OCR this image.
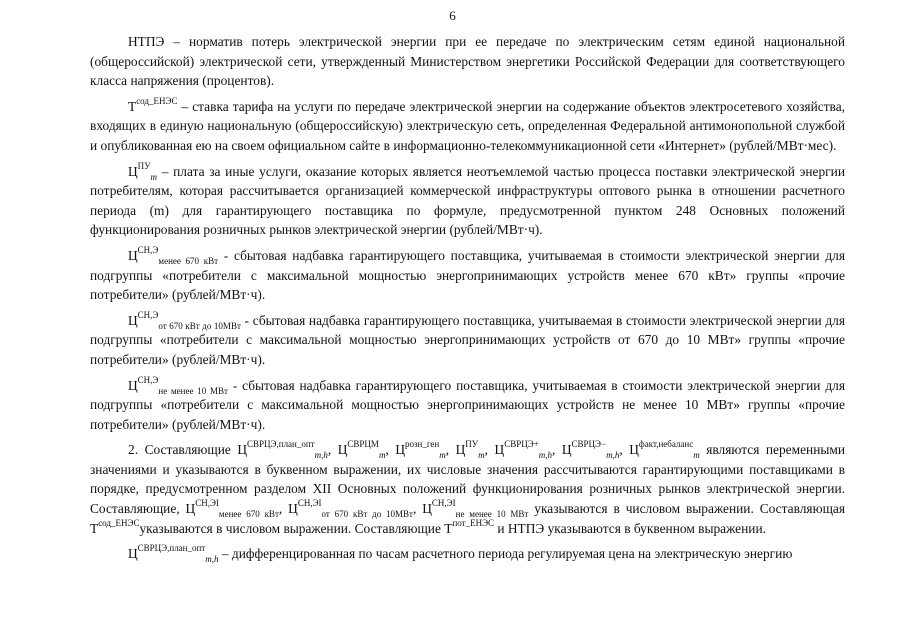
6

НТПЭ – норматив потерь электрической энергии при ее передаче по электрическим сетям единой национальной (общероссийской) электрической сети, утвержденный Министерством энергетики Российской Федерации для соответствующего класса напряжения (процентов).

$Т^{сод\_ЕНЭС}$ – ставка тарифа на услуги по передаче электрической энергии на содержание объектов электросетевого хозяйства, входящих в единую национальную (общероссийскую) электрическую сеть, определенная Федеральной антимонопольной службой и опубликованная ею на своем официальном сайте в информационно-телекоммуникационной сети «Интернет» (рублей/МВт·мес).

$Ц^{ПУ}_m$ – плата за иные услуги, оказание которых является неотъемлемой частью процесса поставки электрической энергии потребителям, которая рассчитывается организацией коммерческой инфраструктуры оптового рынка в отношении расчетного периода (m) для гарантирующего поставщика по формуле, предусмотренной пунктом 248 Основных положений функционирования розничных рынков электрической энергии (рублей/МВт·ч).

$Ц^{СН,Э}_{менее 670 кВт}$ - сбытовая надбавка гарантирующего поставщика, учитываемая в стоимости электрической энергии для подгруппы «потребители с максимальной мощностью энергопринимающих устройств менее 670 кВт» группы «прочие потребители» (рублей/МВт·ч).

$Ц^{СН,Э}_{от 670 кВт до 10МВт}$ - сбытовая надбавка гарантирующего поставщика, учитываемая в стоимости электрической энергии для подгруппы «потребители с максимальной мощностью энергопринимающих устройств от 670 до 10 МВт» группы «прочие потребители» (рублей/МВт·ч).

$Ц^{СН,Э}_{не менее 10 МВт}$ - сбытовая надбавка гарантирующего поставщика, учитываемая в стоимости электрической энергии для подгруппы «потребители с максимальной мощностью энергопринимающих устройств не менее 10 МВт» группы «прочие потребители» (рублей/МВт·ч).

2. Составляющие $Ц^{СВРЦЭ,план\_опт}_{m,h}$, $Ц^{СВРЦМ}_m$, $Ц^{розн\_ген}_m$, $Ц^{ПУ}_m$, $Ц^{СВРЦЭ+}_{m,h}$, $Ц^{СВРЦЭ-}_{m,h}$, $Ц^{факт,небаланс}_m$ являются переменными значениями и указываются в буквенном выражении, их числовые значения рассчитываются гарантирующими поставщиками в порядке, предусмотренном разделом XII Основных положений функционирования розничных рынков электрической энергии. Составляющие, $Ц^{СН,ЭI}_{менее 670 кВт}$, $Ц^{СН,ЭI}_{от 670 кВт до 10МВт}$, $Ц^{СН,ЭI}_{не менее 10 МВт}$ указываются в числовом выражении. Составляющая $Т^{сод\_ЕНЭС}указываются$ в числовом выражении. Составляющие $Т^{пот\_ЕНЭС}$ и НТПЭ указываются в буквенном выражении.

$Ц^{СВРЦЭ,план\_опт}_{m,h}$ – дифференцированная по часам расчетного периода регулируемая цена на электрическую энергию
